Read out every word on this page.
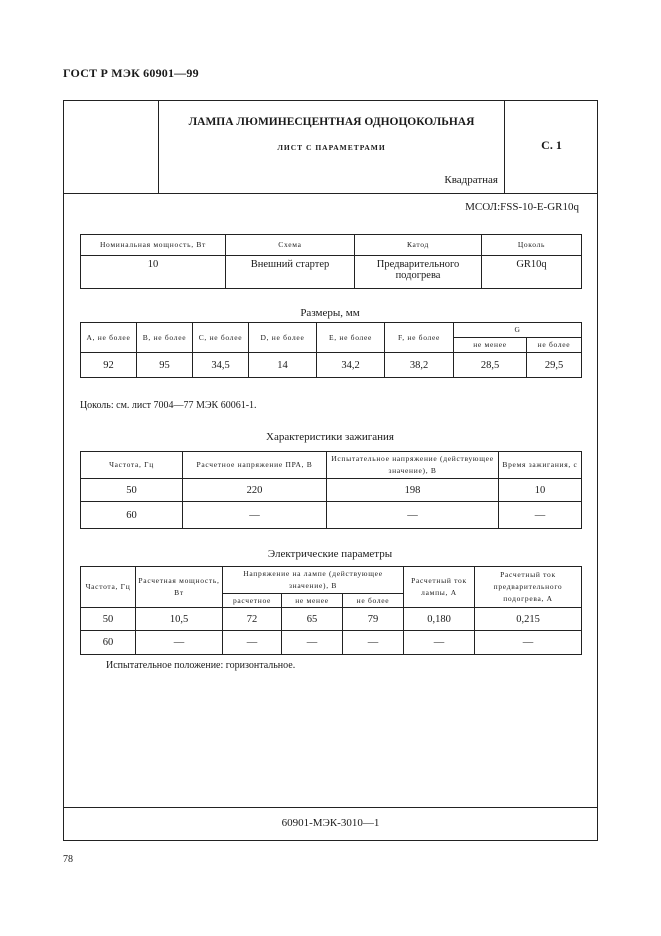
ГОСТ Р МЭК 60901—99
ЛАМПА ЛЮМИНЕСЦЕНТНАЯ ОДНОЦОКОЛЬНАЯ
ЛИСТ С ПАРАМЕТРАМИ
Квадратная
С. 1
МСОЛ:FSS-10-E-GR10q
Номинальная мощность, Вт	Схема	Катод	Цоколь
10	Внешний стартер	Предварительного подогрева	GR10q
Размеры, мм
A, не более	B, не более	C, не более	D, не более	E, не более	F, не более	G	
						не менее	не более
92	95	34,5	14	34,2	38,2	28,5	29,5
Цоколь: см. лист 7004—77 МЭК 60061-1.
Характеристики зажигания
Частота, Гц	Расчетное напряжение ПРА, В	Испытательное напряжение (действующее значение), В	Время зажигания, с
50	220	198	10
60	—	—	—
Электрические параметры
Частота, Гц	Расчетная мощность, Вт	Напряжение на лампе (действующее значение), В			Расчетный ток лампы, А	Расчетный ток предварительного подогрева, А
		расчетное	не менее	не более		
50	10,5	72	65	79	0,180	0,215
60	—	—	—	—	—	—
Испытательное положение: горизонтальное.
60901-МЭК-3010—1
78
